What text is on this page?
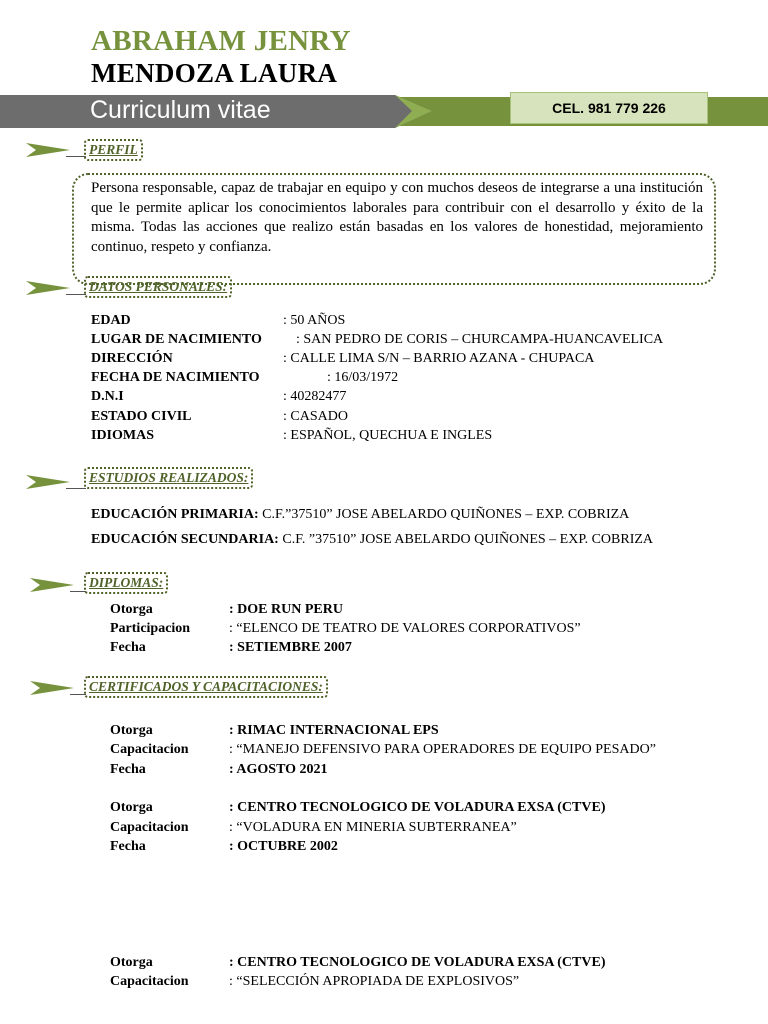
ABRAHAM JENRY
MENDOZA LAURA
Curriculum vitae	CEL. 981 779 226
PERFIL
Persona responsable, capaz de trabajar en equipo y con muchos deseos de integrarse a una institución que le permite aplicar los conocimientos laborales para contribuir con el desarrollo y éxito de la misma. Todas las acciones que realizo están basadas en los valores de honestidad, mejoramiento continuo, respeto y confianza.
DATOS PERSONALES:
EDAD	: 50 AÑOS
LUGAR DE NACIMIENTO : SAN PEDRO DE CORIS – CHURCAMPA-HUANCAVELICA
DIRECCIÓN	: CALLE LIMA S/N – BARRIO AZANA - CHUPACA
FECHA DE NACIMIENTO	: 16/03/1972
D.N.I	: 40282477
ESTADO CIVIL	: CASADO
IDIOMAS	: ESPAÑOL, QUECHUA E INGLES
ESTUDIOS REALIZADOS:
EDUCACIÓN PRIMARIA: C.F.”37510” JOSE ABELARDO QUIÑONES – EXP. COBRIZA
EDUCACIÓN SECUNDARIA: C.F. ”37510” JOSE ABELARDO QUIÑONES – EXP. COBRIZA
DIPLOMAS:
Otorga	: DOE RUN PERU
Participacion	: “ELENCO DE TEATRO DE VALORES CORPORATIVOS”
Fecha	: SETIEMBRE 2007
CERTIFICADOS Y CAPACITACIONES:
Otorga	: RIMAC INTERNACIONAL EPS
Capacitacion	: “MANEJO DEFENSIVO PARA OPERADORES DE EQUIPO PESADO”
Fecha	: AGOSTO 2021
Otorga	: CENTRO TECNOLOGICO DE VOLADURA EXSA (CTVE)
Capacitacion	: “VOLADURA EN MINERIA SUBTERRANEA”
Fecha	: OCTUBRE 2002
Otorga	: CENTRO TECNOLOGICO DE VOLADURA EXSA (CTVE)
Capacitacion	: “SELECCIÓN APROPIADA DE EXPLOSIVOS”
